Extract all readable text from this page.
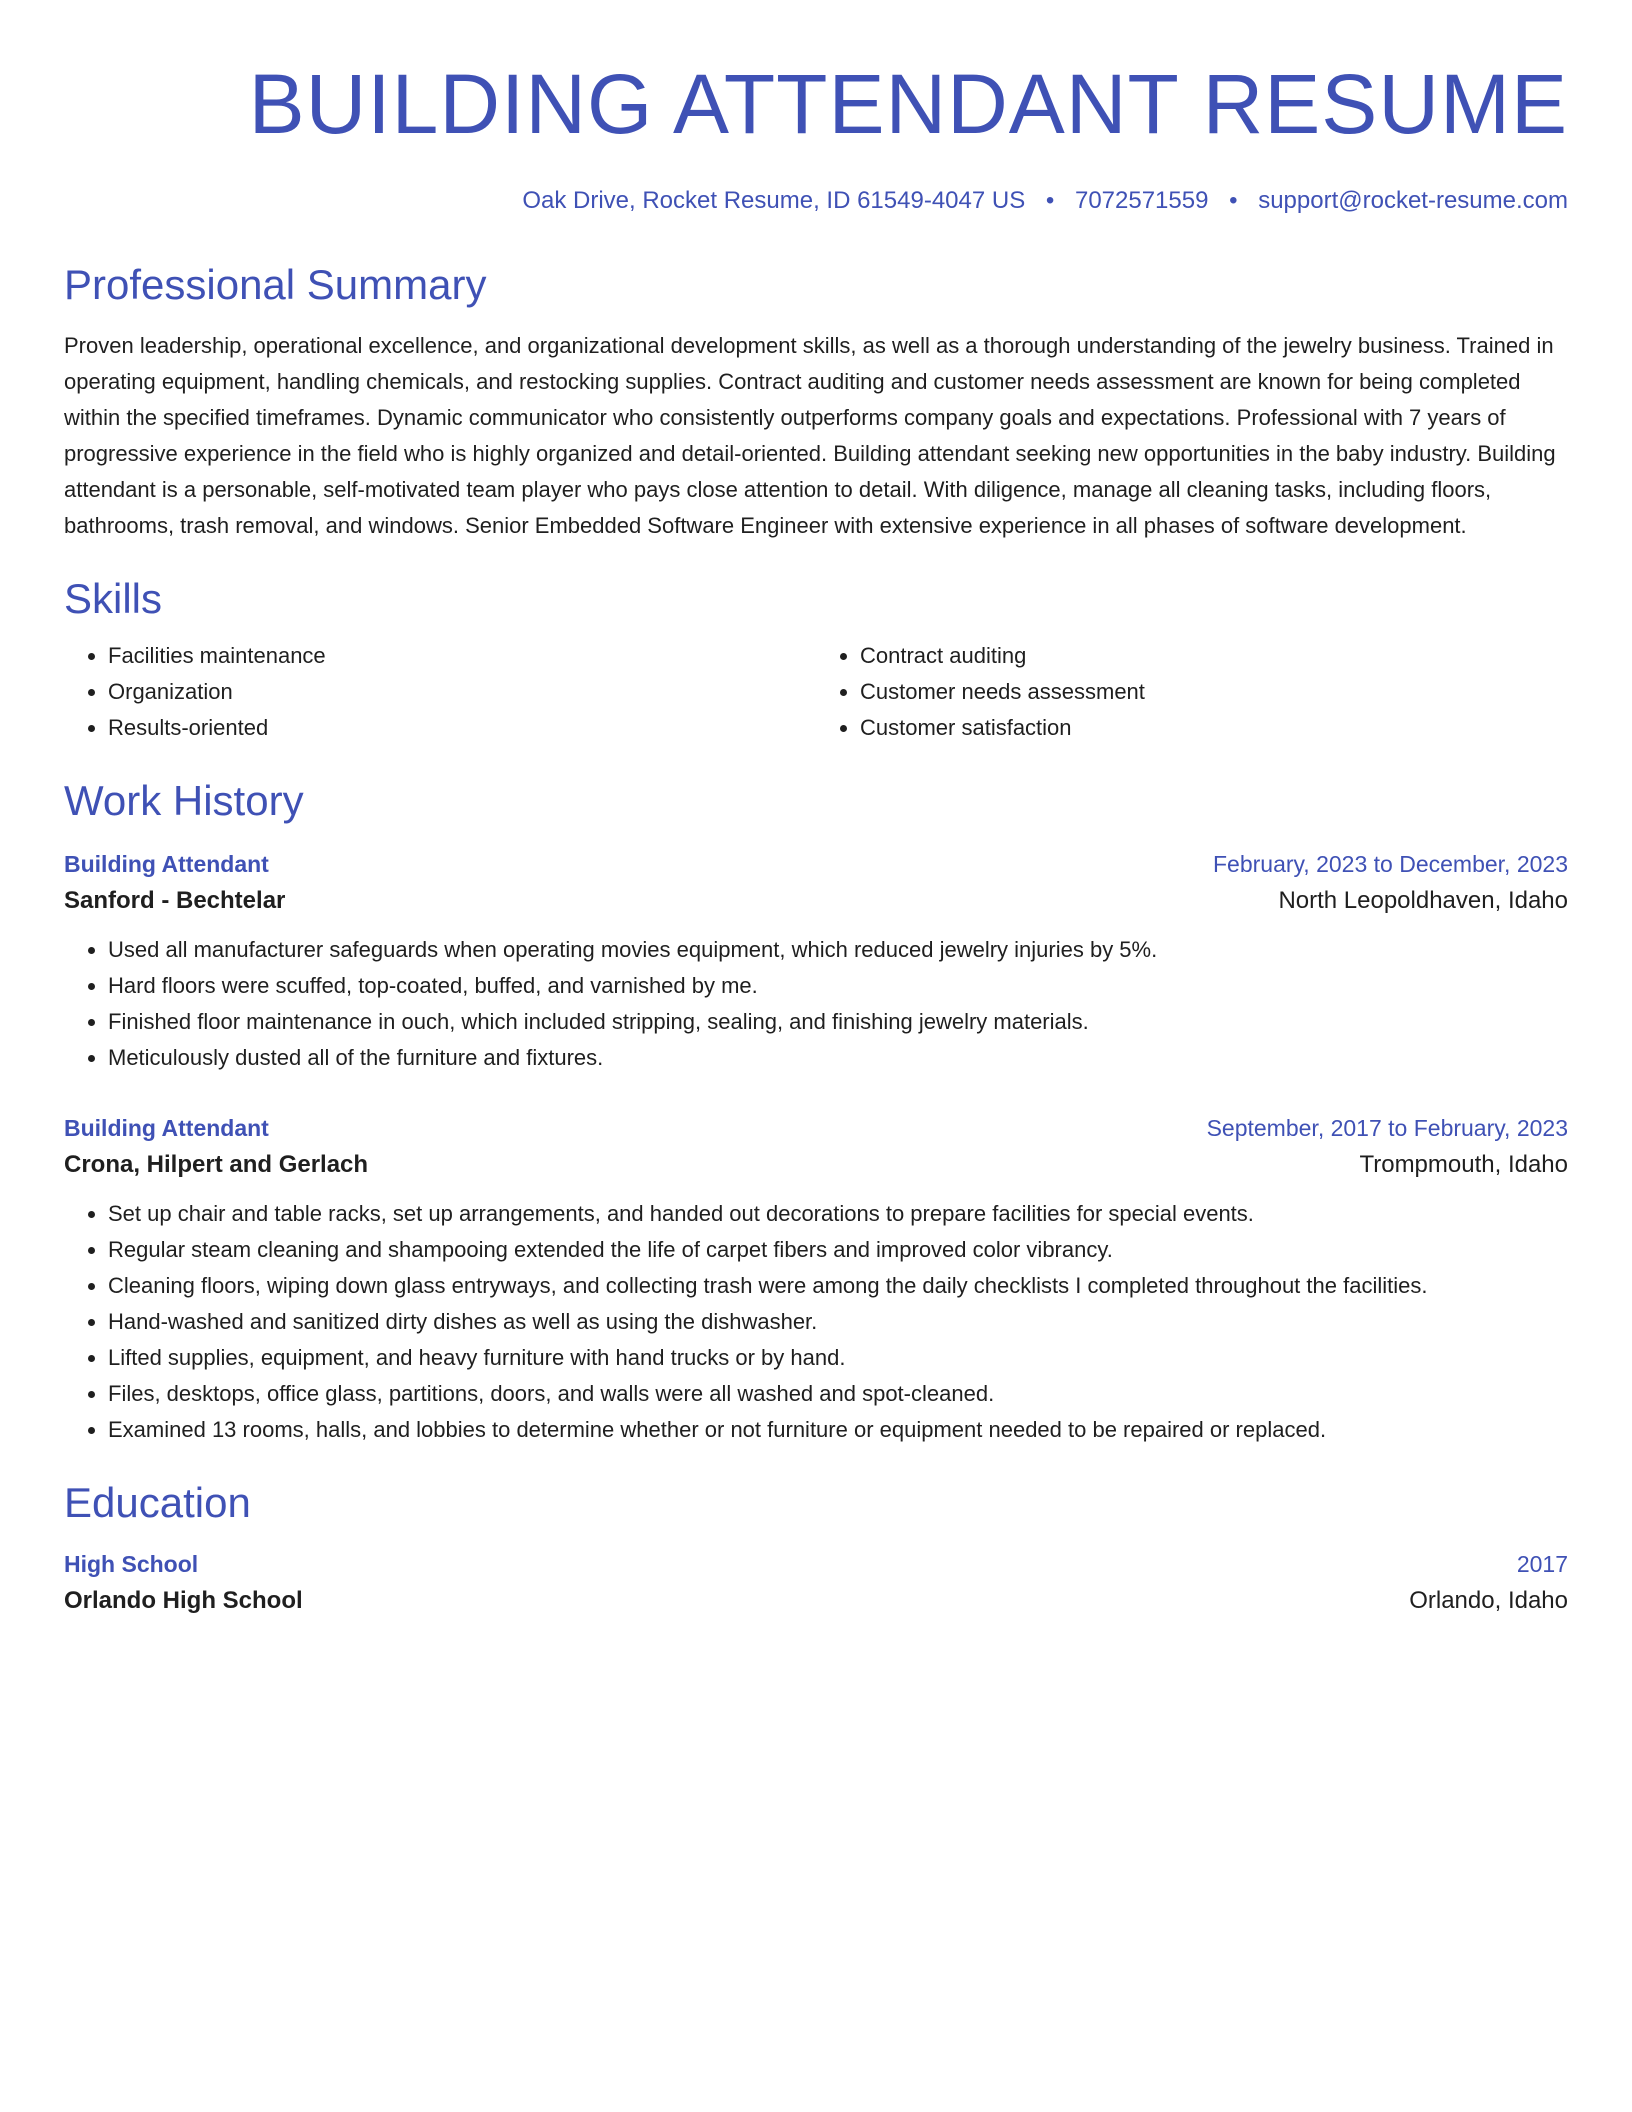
BUILDING ATTENDANT RESUME
Oak Drive, Rocket Resume, ID 61549-4047 US • 7072571559 • support@rocket-resume.com
Professional Summary

Proven leadership, operational excellence, and organizational development skills, as well as a thorough understanding of the jewelry business. Trained in operating equipment, handling chemicals, and restocking supplies. Contract auditing and customer needs assessment are known for being completed within the specified timeframes. Dynamic communicator who consistently outperforms company goals and expectations. Professional with 7 years of progressive experience in the field who is highly organized and detail-oriented. Building attendant seeking new opportunities in the baby industry. Building attendant is a personable, self-motivated team player who pays close attention to detail. With diligence, manage all cleaning tasks, including floors, bathrooms, trash removal, and windows. Senior Embedded Software Engineer with extensive experience in all phases of software development.

Skills
• Facilities maintenance
• Organization
• Results-oriented
• Contract auditing
• Customer needs assessment
• Customer satisfaction
Work History
Building Attendant	February, 2023 to December, 2023
Sanford - Bechtelar	North Leopoldhaven, Idaho
• Used all manufacturer safeguards when operating movies equipment, which reduced jewelry injuries by 5%.
• Hard floors were scuffed, top-coated, buffed, and varnished by me.
• Finished floor maintenance in ouch, which included stripping, sealing, and finishing jewelry materials.
• Meticulously dusted all of the furniture and fixtures.
Building Attendant	September, 2017 to February, 2023
Crona, Hilpert and Gerlach	Trompmouth, Idaho
• Set up chair and table racks, set up arrangements, and handed out decorations to prepare facilities for special events.
• Regular steam cleaning and shampooing extended the life of carpet fibers and improved color vibrancy.
• Cleaning floors, wiping down glass entryways, and collecting trash were among the daily checklists I completed throughout the facilities.
• Hand-washed and sanitized dirty dishes as well as using the dishwasher.
• Lifted supplies, equipment, and heavy furniture with hand trucks or by hand.
• Files, desktops, office glass, partitions, doors, and walls were all washed and spot-cleaned.
• Examined 13 rooms, halls, and lobbies to determine whether or not furniture or equipment needed to be repaired or replaced.
Education
High School	2017
Orlando High School	Orlando, Idaho
